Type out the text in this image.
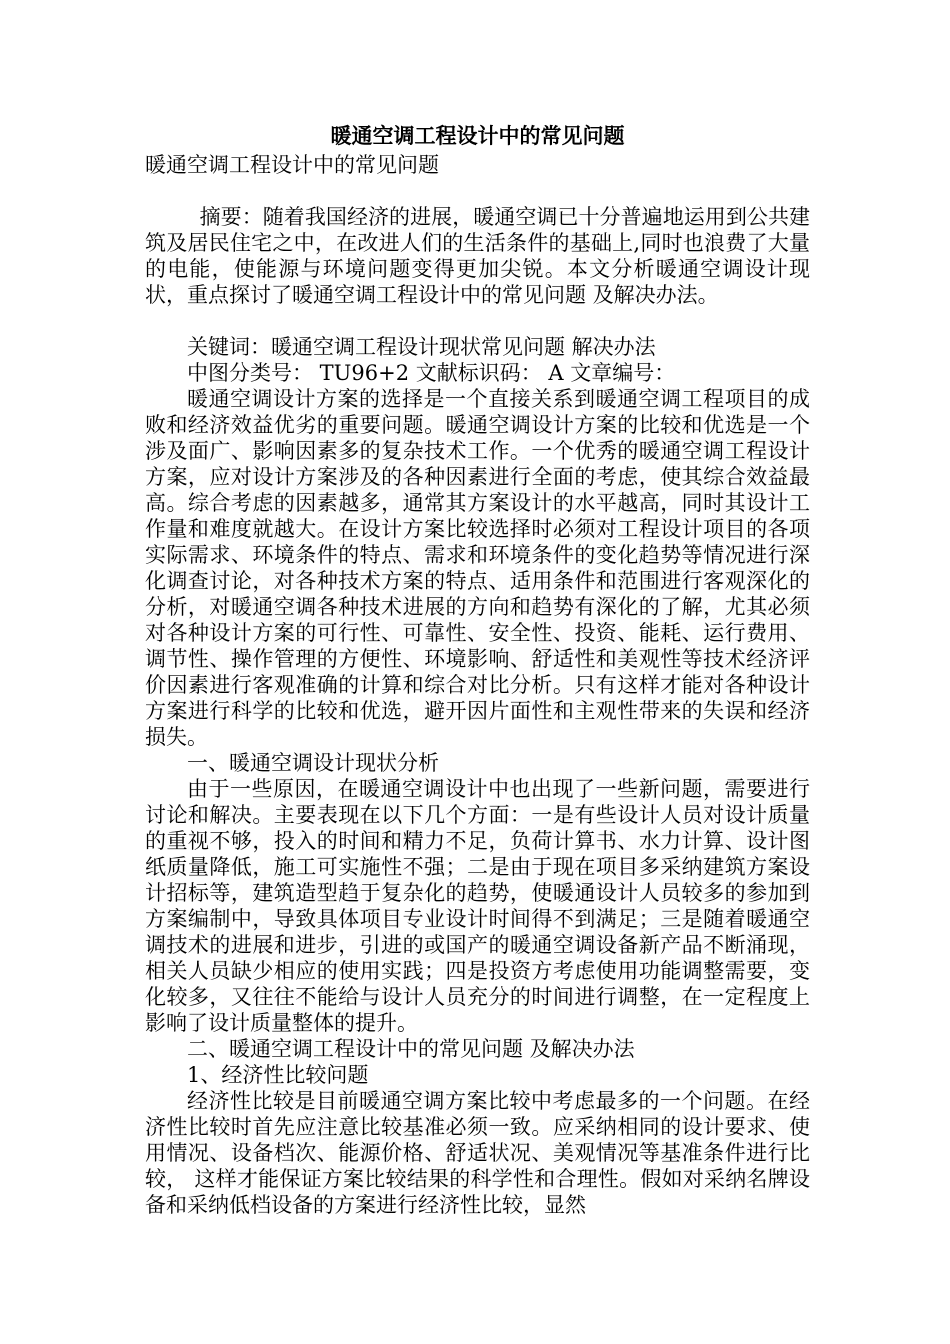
暖通空调工程设计中的常见问题

暖通空调工程设计中的常见问题

摘要：随着我国经济的进展，暖通空调已十分普遍地运用到公共建筑及居民住宅之中，在改进人们的生活条件的基础上,同时也浪费了大量的电能，使能源与环境问题变得更加尖锐。本文分析暖通空调设计现状，重点探讨了暖通空调工程设计中的常见问题 及解决办法。

关键词：暖通空调工程设计现状常见问题 解决办法

中图分类号： TU96+2 文献标识码： A 文章编号：

暖通空调设计方案的选择是一个直接关系到暖通空调工程项目的成败和经济效益优劣的重要问题。暖通空调设计方案的比较和优选是一个涉及面广、影响因素多的复杂技术工作。一个优秀的暖通空调工程设计方案，应对设计方案涉及的各种因素进行全面的考虑，使其综合效益最高。综合考虑的因素越多，通常其方案设计的水平越高，同时其设计工作量和难度就越大。在设计方案比较选择时必须对工程设计项目的各项实际需求、环境条件的特点、需求和环境条件的变化趋势等情况进行深化调查讨论，对各种技术方案的特点、适用条件和范围进行客观深化的分析，对暖通空调各种技术进展的方向和趋势有深化的了解，尤其必须对各种设计方案的可行性、可靠性、安全性、投资、能耗、运行费用、调节性、操作管理的方便性、环境影响、舒适性和美观性等技术经济评价因素进行客观准确的计算和综合对比分析。只有这样才能对各种设计方案进行科学的比较和优选，避开因片面性和主观性带来的失误和经济损失。

一、暖通空调设计现状分析

由于一些原因，在暖通空调设计中也出现了一些新问题，需要进行讨论和解决。主要表现在以下几个方面：一是有些设计人员对设计质量的重视不够，投入的时间和精力不足，负荷计算书、水力计算、设计图纸质量降低，施工可实施性不强；二是由于现在项目多采纳建筑方案设计招标等，建筑造型趋于复杂化的趋势，使暖通设计人员较多的参加到方案编制中，导致具体项目专业设计时间得不到满足；三是随着暖通空调技术的进展和进步，引进的或国产的暖通空调设备新产品不断涌现，相关人员缺少相应的使用实践；四是投资方考虑使用功能调整需要，变化较多，又往往不能给与设计人员充分的时间进行调整，在一定程度上影响了设计质量整体的提升。

二、暖通空调工程设计中的常见问题 及解决办法

1、经济性比较问题

经济性比较是目前暖通空调方案比较中考虑最多的一个问题。在经济性比较时首先应注意比较基准必须一致。应采纳相同的设计要求、使用情况、设备档次、能源价格、舒适状况、美观情况等基准条件进行比较， 这样才能保证方案比较结果的科学性和合理性。假如对采纳名牌设备和采纳低档设备的方案进行经济性比较，显然
